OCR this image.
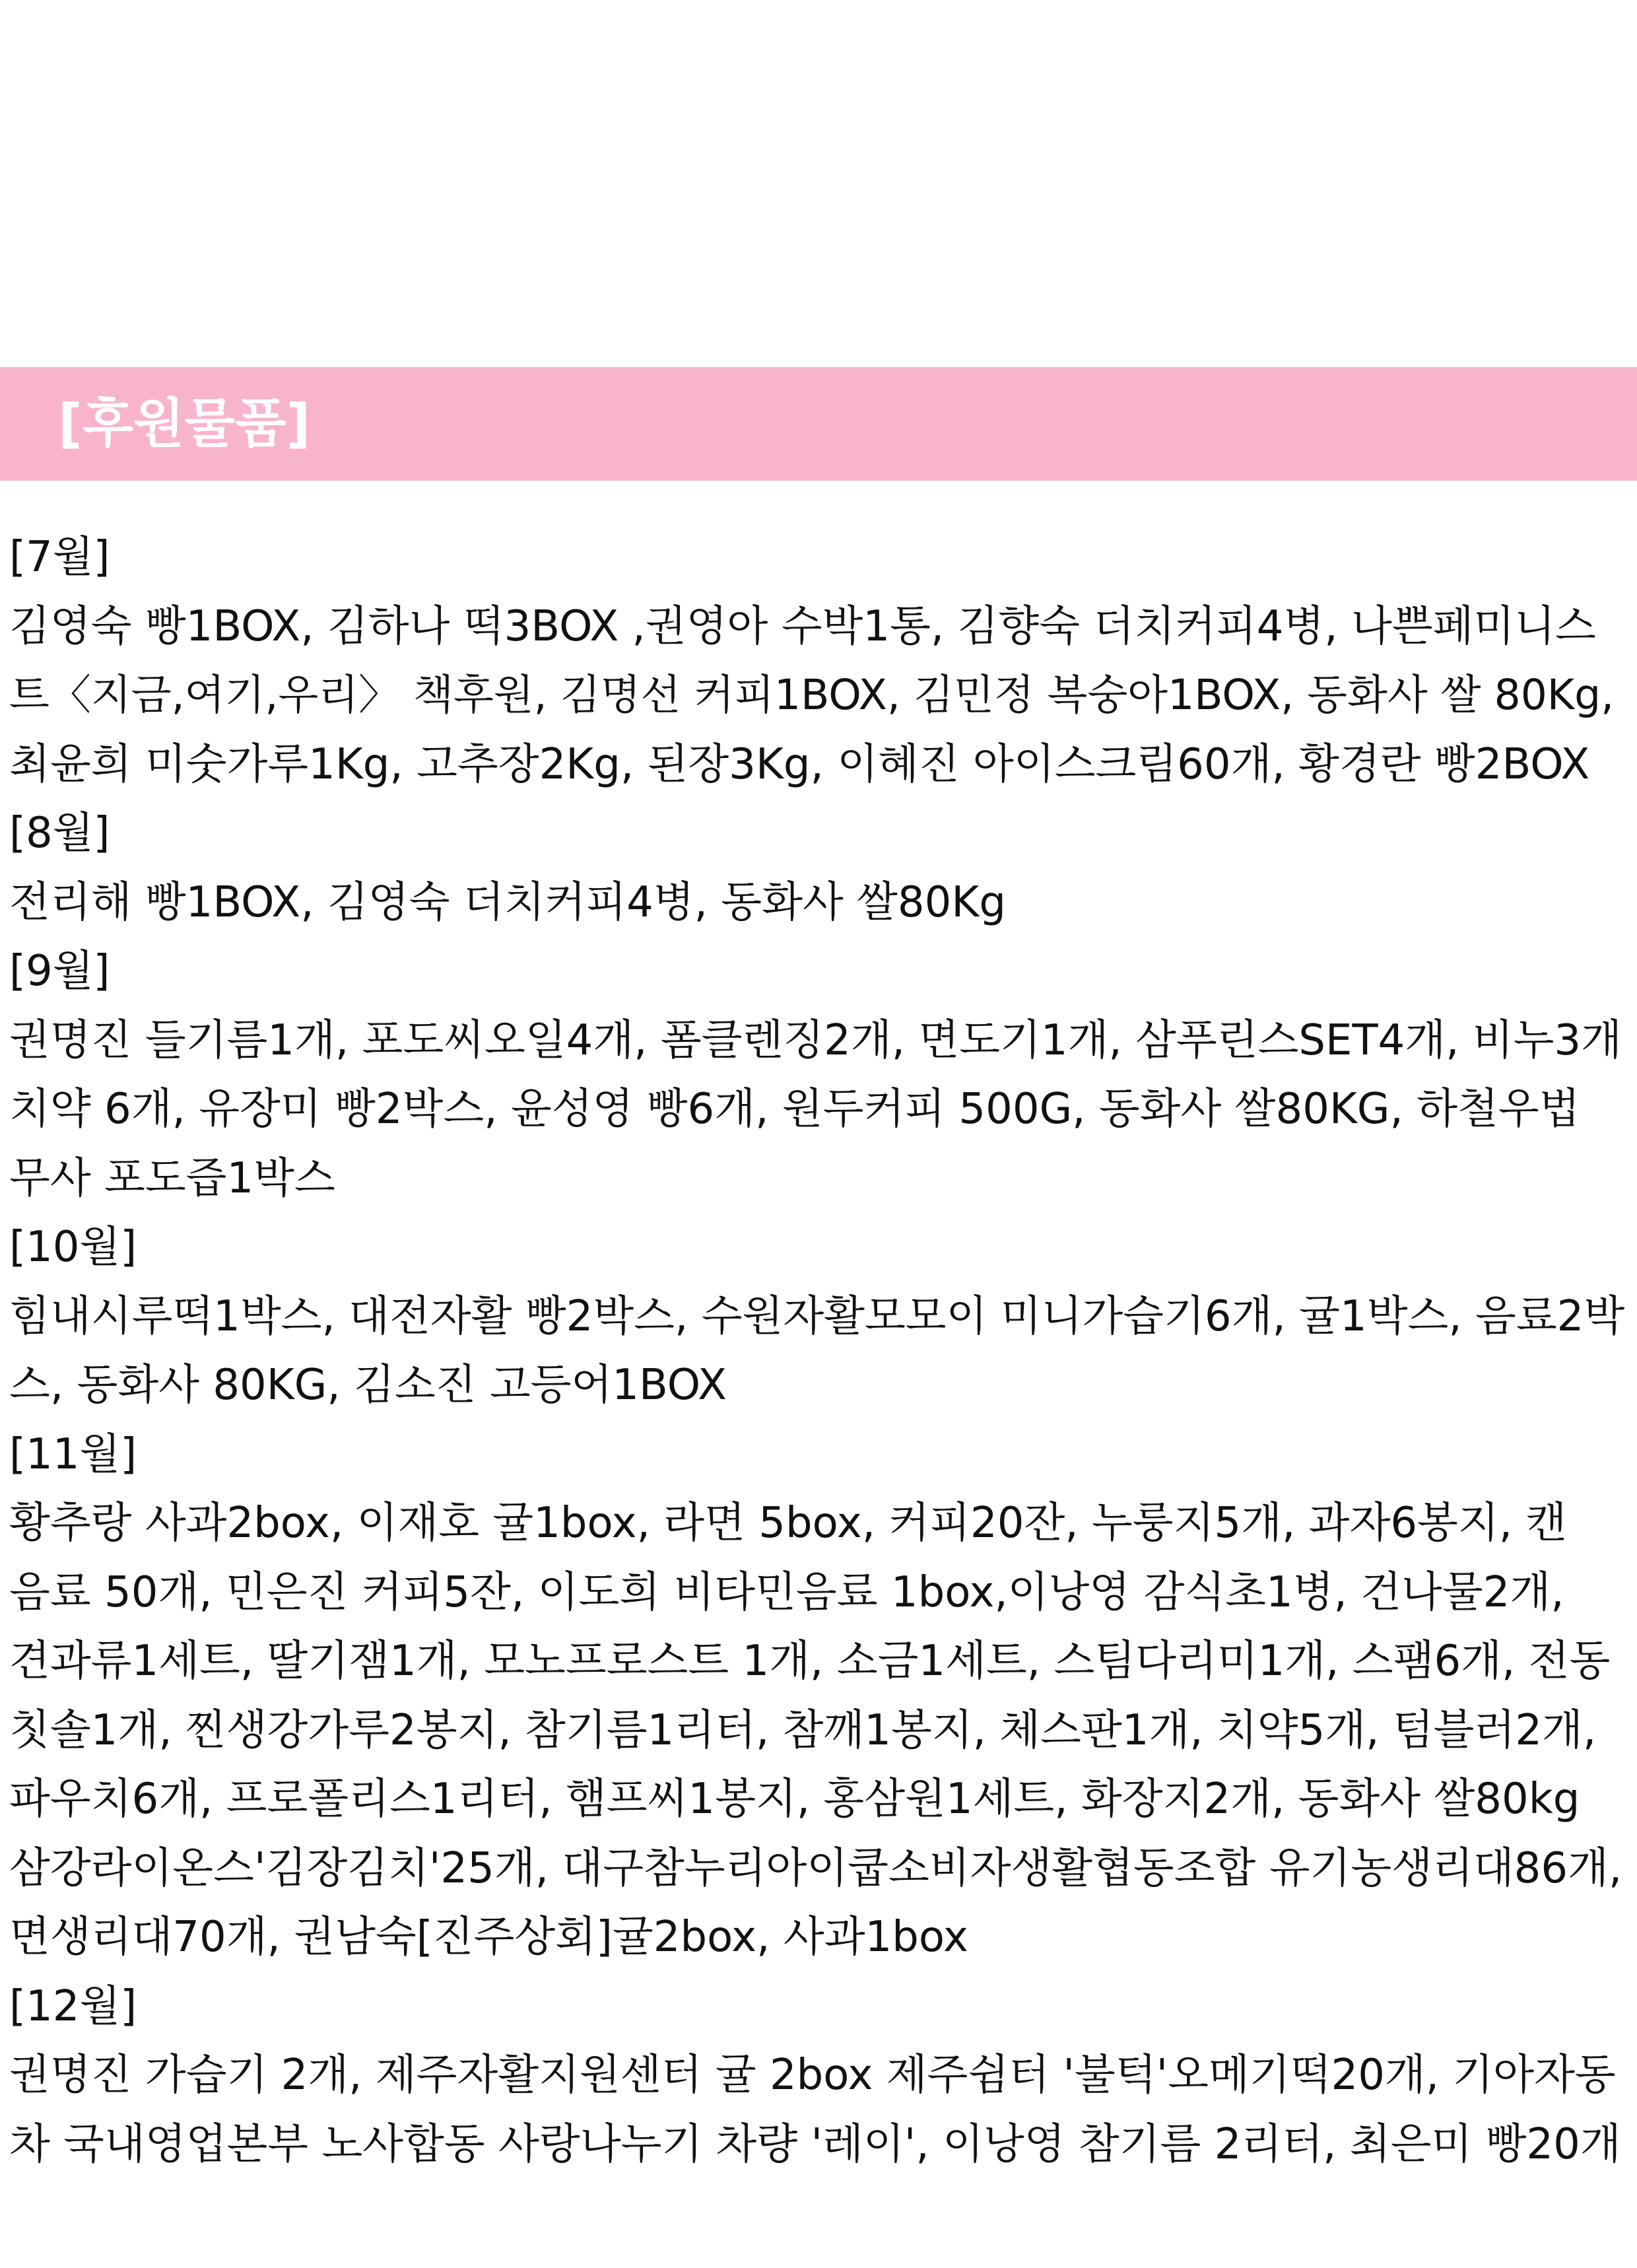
[후원물품]
[7월]
김영숙 빵1BOX, 김하나 떡3BOX ,권영아 수박1통, 김향숙 더치커피4병, 나쁜페미니스
트〈지금,여기,우리〉 책후원, 김명선 커피1BOX, 김민정 복숭아1BOX, 동화사 쌀 80Kg,
최윤희 미숫가루1Kg, 고추장2Kg, 된장3Kg, 이혜진 아이스크림60개, 황경란 빵2BOX
[8월]
전리해 빵1BOX, 김영숙 더치커피4병, 동화사 쌀80Kg
[9월]
권명진 들기름1개, 포도씨오일4개, 폼클렌징2개, 면도기1개, 삼푸린스SET4개, 비누3개
치약 6개, 유장미 빵2박스, 윤성영 빵6개, 원두커피 500G, 동화사 쌀80KG, 하철우법
무사 포도즙1박스
[10월]
힘내시루떡1박스, 대전자활 빵2박스, 수원자활모모이 미니가습기6개, 귤1박스, 음료2박
스, 동화사 80KG, 김소진 고등어1BOX
[11월]
황추랑 사과2box, 이재호 귤1box, 라면 5box, 커피20잔, 누룽지5개, 과자6봉지, 캔
음료 50개, 민은진 커피5잔, 이도희 비타민음료 1box,이낭영 감식초1병, 건나물2개,
견과류1세트, 딸기잼1개, 모노프로스트 1개, 소금1세트, 스팀다리미1개, 스팸6개, 전동
칫솔1개, 찐생강가루2봉지, 참기름1리터, 참깨1봉지, 체스판1개, 치약5개, 텀블러2개,
파우치6개, 프로폴리스1리터, 햄프씨1봉지, 홍삼원1세트, 화장지2개, 동화사 쌀80kg
삼강라이온스'김장김치'25개, 대구참누리아이쿱소비자생활협동조합 유기농생리대86개,
면생리대70개, 권남숙[진주상회]귤2box, 사과1box
[12월]
권명진 가습기 2개, 제주자활지원센터 귤 2box 제주쉼터 '불턱'오메기떡20개, 기아자동
차 국내영업본부 노사합동 사랑나누기 차량 '레이', 이낭영 참기름 2리터, 최은미 빵20개
